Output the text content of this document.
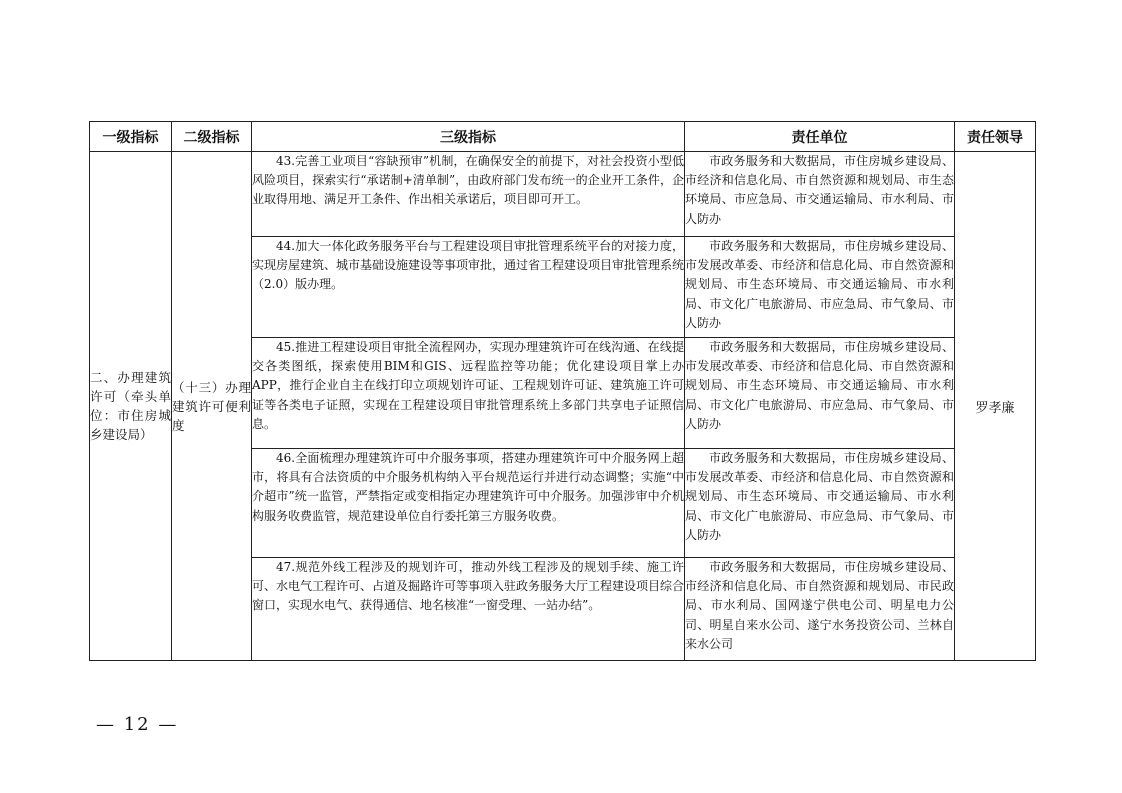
一级指标	二级指标	三级指标	责任单位	责任领导
二、办理建筑许可（牵头单位：市住房城乡建设局）	（十三）办理建筑许可便利度	43.完善工业项目“容缺预审”机制，在确保安全的前提下，对社会投资小型低风险项目，探索实行“承诺制+清单制”，由政府部门发布统一的企业开工条件，企业取得用地、满足开工条件、作出相关承诺后，项目即可开工。	市政务服务和大数据局，市住房城乡建设局、市经济和信息化局、市自然资源和规划局、市生态环境局、市应急局、市交通运输局、市水利局、市人防办	罗孝廉

		44.加大一体化政务服务平台与工程建设项目审批管理系统平台的对接力度，实现房屋建筑、城市基础设施建设等事项审批，通过省工程建设项目审批管理系统（2.0）版办理。	市政务服务和大数据局，市住房城乡建设局、市发展改革委、市经济和信息化局、市自然资源和规划局、市生态环境局、市交通运输局、市水利局、市文化广电旅游局、市应急局、市气象局、市人防办	

		45.推进工程建设项目审批全流程网办，实现办理建筑许可在线沟通、在线提交各类图纸，探索使用BIM和GIS、远程监控等功能；优化建设项目掌上办APP，推行企业自主在线打印立项规划许可证、工程规划许可证、建筑施工许可证等各类电子证照，实现在工程建设项目审批管理系统上多部门共享电子证照信息。	市政务服务和大数据局，市住房城乡建设局、市发展改革委、市经济和信息化局、市自然资源和规划局、市生态环境局、市交通运输局、市水利局、市文化广电旅游局、市应急局、市气象局、市人防办	

		46.全面梳理办理建筑许可中介服务事项，搭建办理建筑许可中介服务网上超市，将具有合法资质的中介服务机构纳入平台规范运行并进行动态调整；实施“中介超市”统一监管，严禁指定或变相指定办理建筑许可中介服务。加强涉审中介机构服务收费监管，规范建设单位自行委托第三方服务收费。	市政务服务和大数据局，市住房城乡建设局、市发展改革委、市经济和信息化局、市自然资源和规划局、市生态环境局、市交通运输局、市水利局、市文化广电旅游局、市应急局、市气象局、市人防办	

		47.规范外线工程涉及的规划许可，推动外线工程涉及的规划手续、施工许可、水电气工程许可、占道及掘路许可等事项入驻政务服务大厅工程建设项目综合窗口，实现水电气、获得通信、地名核准“一窗受理、一站办结”。	市政务服务和大数据局，市住房城乡建设局、市经济和信息化局、市自然资源和规划局、市民政局、市水利局、国网遂宁供电公司、明星电力公司、明星自来水公司、遂宁水务投资公司、兰林自来水公司	
— 12 —
